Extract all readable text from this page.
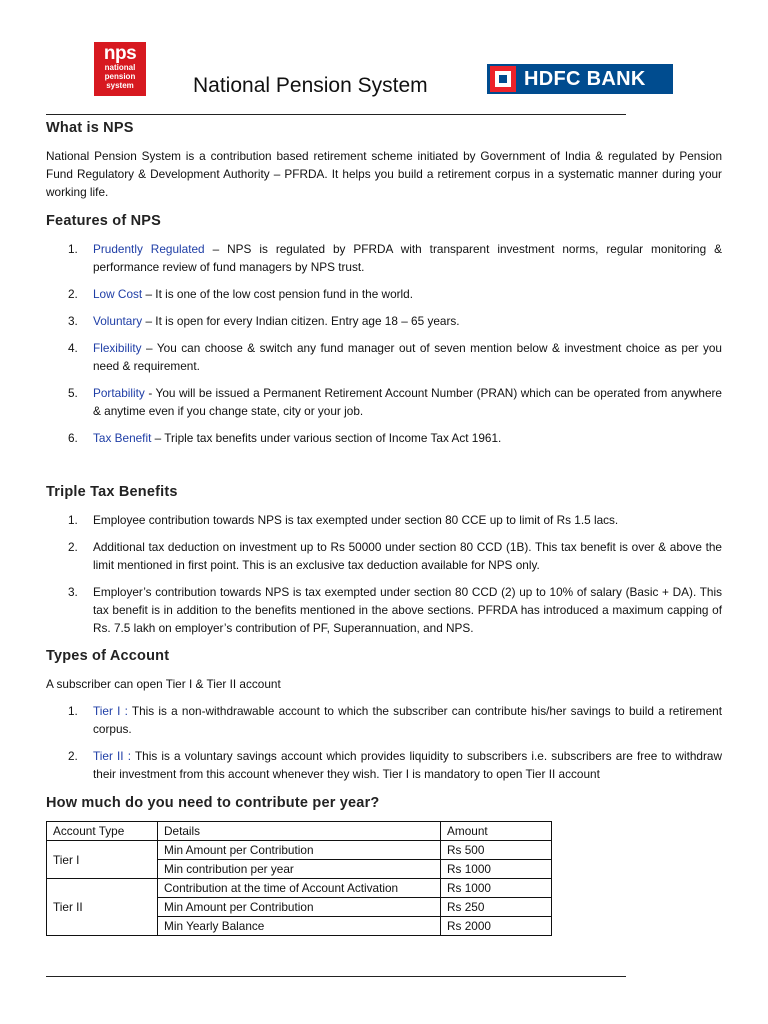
nps
national
pension
system	National Pension System	HDFC BANK
What is NPS

National Pension System is a contribution based retirement scheme initiated by Government of India & regulated by Pension Fund Regulatory & Development Authority – PFRDA. It helps you build a retirement corpus in a systematic manner during your working life.

Features of NPS
1. Prudently Regulated – NPS is regulated by PFRDA with transparent investment norms, regular monitoring & performance review of fund managers by NPS trust.
2. Low Cost – It is one of the low cost pension fund in the world.
3. Voluntary – It is open for every Indian citizen. Entry age 18 – 65 years.
4. Flexibility – You can choose & switch any fund manager out of seven mention below & investment choice as per you need & requirement.
5. Portability - You will be issued a Permanent Retirement Account Number (PRAN) which can be operated from anywhere & anytime even if you change state, city or your job.
6. Tax Benefit – Triple tax benefits under various section of Income Tax Act 1961.
Triple Tax Benefits
1. Employee contribution towards NPS is tax exempted under section 80 CCE up to limit of Rs 1.5 lacs.
2. Additional tax deduction on investment up to Rs 50000 under section 80 CCD (1B). This tax benefit is over & above the limit mentioned in first point. This is an exclusive tax deduction available for NPS only.
3. Employer’s contribution towards NPS is tax exempted under section 80 CCD (2) up to 10% of salary (Basic + DA). This tax benefit is in addition to the benefits mentioned in the above sections. PFRDA has introduced a maximum capping of Rs. 7.5 lakh on employer’s contribution of PF, Superannuation, and NPS.
Types of Account

A subscriber can open Tier I & Tier II account

1. Tier I : This is a non-withdrawable account to which the subscriber can contribute his/her savings to build a retirement corpus.
2. Tier II : This is a voluntary savings account which provides liquidity to subscribers i.e. subscribers are free to withdraw their investment from this account whenever they wish. Tier I is mandatory to open Tier II account
How much do you need to contribute per year?
Account Type	Details	Amount
Tier I	Min Amount per Contribution	Rs 500
	Min contribution per year	Rs 1000
Tier II	Contribution at the time of Account Activation	Rs 1000
	Min Amount per Contribution	Rs 250
	Min Yearly Balance	Rs 2000
